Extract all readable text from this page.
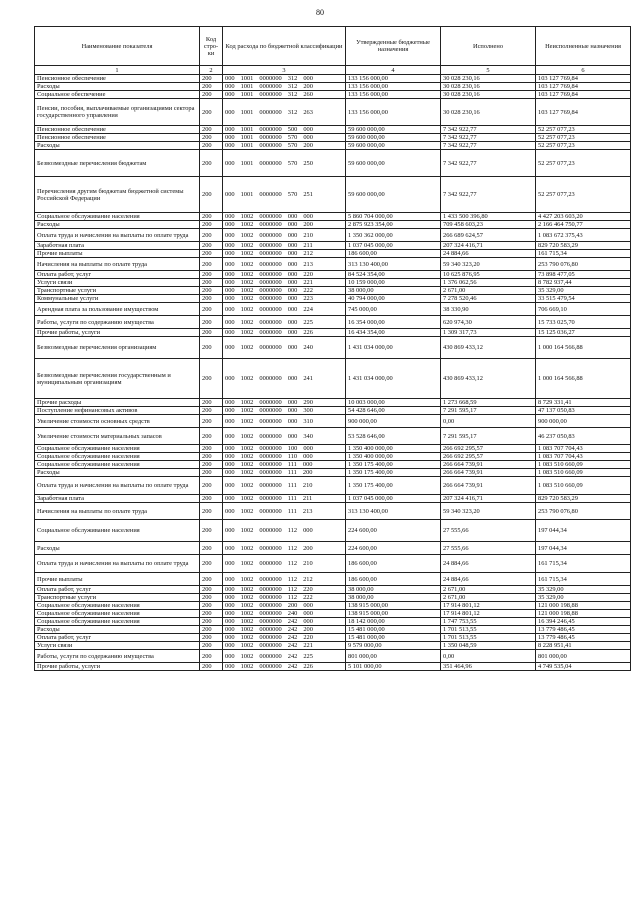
80
Наименование показателя	Код стро-ки	Код расхода по бюджетной классификации	Утвержденные бюджетные назначения	Исполнено	Неисполненные назначения
1	2	3	4	5	6
Пенсионное обеспечение	200	000 1001 0000000 312 000	133 156 000,00	30 028 230,16	103 127 769,84
Расходы	200	000 1001 0000000 312 200	133 156 000,00	30 028 230,16	103 127 769,84
Социальное обеспечение	200	000 1001 0000000 312 260	133 156 000,00	30 028 230,16	103 127 769,84
Пенсии, пособия, выплачиваемые организациями сектора государственного управления	200	000 1001 0000000 312 263	133 156 000,00	30 028 230,16	103 127 769,84
Пенсионное обеспечение	200	000 1001 0000000 500 000	59 600 000,00	7 342 922,77	52 257 077,23
Пенсионное обеспечение	200	000 1001 0000000 570 000	59 600 000,00	7 342 922,77	52 257 077,23
Расходы	200	000 1001 0000000 570 200	59 600 000,00	7 342 922,77	52 257 077,23
Безвозмездные перечисления бюджетам	200	000 1001 0000000 570 250	59 600 000,00	7 342 922,77	52 257 077,23
Перечисления другим бюджетам бюджетной системы Российской Федерации	200	000 1001 0000000 570 251	59 600 000,00	7 342 922,77	52 257 077,23
Социальное обслуживание населения	200	000 1002 0000000 000 000	5 860 704 000,00	1 433 500 396,80	4 427 203 603,20
Расходы	200	000 1002 0000000 000 200	2 875 923 354,00	709 458 603,23	2 166 464 750,77
Оплата труда и начисления на выплаты по оплате труда	200	000 1002 0000000 000 210	1 350 362 000,00	266 689 624,57	1 083 672 375,43
Заработная плата	200	000 1002 0000000 000 211	1 037 045 000,00	207 324 416,71	829 720 583,29
Прочие выплаты	200	000 1002 0000000 000 212	186 600,00	24 884,66	161 715,34
Начисления на выплаты по оплате труда	200	000 1002 0000000 000 213	313 130 400,00	59 340 323,20	253 790 076,80
Оплата работ, услуг	200	000 1002 0000000 000 220	84 524 354,00	10 625 876,95	73 898 477,05
Услуги связи	200	000 1002 0000000 000 221	10 159 000,00	1 376 062,56	8 782 937,44
Транспортные услуги	200	000 1002 0000000 000 222	38 000,00	2 671,00	35 329,00
Коммунальные услуги	200	000 1002 0000000 000 223	40 794 000,00	7 278 520,46	33 515 479,54
Арендная плата за пользование имуществом	200	000 1002 0000000 000 224	745 000,00	38 330,90	706 669,10
Работы, услуги по содержанию имущества	200	000 1002 0000000 000 225	16 354 000,00	620 974,30	15 733 025,70
Прочие работы, услуги	200	000 1002 0000000 000 226	16 434 354,00	1 309 317,73	15 125 036,27
Безвозмездные перечисления организациям	200	000 1002 0000000 000 240	1 431 034 000,00	430 869 433,12	1 000 164 566,88
Безвозмездные перечисления государственным и муниципальным организациям	200	000 1002 0000000 000 241	1 431 034 000,00	430 869 433,12	1 000 164 566,88
Прочие расходы	200	000 1002 0000000 000 290	10 003 000,00	1 273 668,59	8 729 331,41
Поступление нефинансовых активов	200	000 1002 0000000 000 300	54 428 646,00	7 291 595,17	47 137 050,83
Увеличение стоимости основных средств	200	000 1002 0000000 000 310	900 000,00	0,00	900 000,00
Увеличение стоимости материальных запасов	200	000 1002 0000000 000 340	53 528 646,00	7 291 595,17	46 237 050,83
Социальное обслуживание населения	200	000 1002 0000000 100 000	1 350 400 000,00	266 692 295,57	1 083 707 704,43
Социальное обслуживание населения	200	000 1002 0000000 110 000	1 350 400 000,00	266 692 295,57	1 083 707 704,43
Социальное обслуживание населения	200	000 1002 0000000 111 000	1 350 175 400,00	266 664 739,91	1 083 510 660,09
Расходы	200	000 1002 0000000 111 200	1 350 175 400,00	266 664 739,91	1 083 510 660,09
Оплата труда и начисления на выплаты по оплате труда	200	000 1002 0000000 111 210	1 350 175 400,00	266 664 739,91	1 083 510 660,09
Заработная плата	200	000 1002 0000000 111 211	1 037 045 000,00	207 324 416,71	829 720 583,29
Начисления на выплаты по оплате труда	200	000 1002 0000000 111 213	313 130 400,00	59 340 323,20	253 790 076,80
Социальное обслуживание населения	200	000 1002 0000000 112 000	224 600,00	27 555,66	197 044,34
Расходы	200	000 1002 0000000 112 200	224 600,00	27 555,66	197 044,34
Оплата труда и начисления на выплаты по оплате труда	200	000 1002 0000000 112 210	186 600,00	24 884,66	161 715,34
Прочие выплаты	200	000 1002 0000000 112 212	186 600,00	24 884,66	161 715,34
Оплата работ, услуг	200	000 1002 0000000 112 220	38 000,00	2 671,00	35 329,00
Транспортные услуги	200	000 1002 0000000 112 222	38 000,00	2 671,00	35 329,00
Социальное обслуживание населения	200	000 1002 0000000 200 000	138 915 000,00	17 914 801,12	121 000 198,88
Социальное обслуживание населения	200	000 1002 0000000 240 000	138 915 000,00	17 914 801,12	121 000 198,88
Социальное обслуживание населения	200	000 1002 0000000 242 000	18 142 000,00	1 747 753,55	16 394 246,45
Расходы	200	000 1002 0000000 242 200	15 481 000,00	1 701 513,55	13 779 486,45
Оплата работ, услуг	200	000 1002 0000000 242 220	15 481 000,00	1 701 513,55	13 779 486,45
Услуги связи	200	000 1002 0000000 242 221	9 579 000,00	1 350 048,59	8 228 951,41
Работы, услуги по содержанию имущества	200	000 1002 0000000 242 225	801 000,00	0,00	801 000,00
Прочие работы, услуги	200	000 1002 0000000 242 226	5 101 000,00	351 464,96	4 749 535,04
